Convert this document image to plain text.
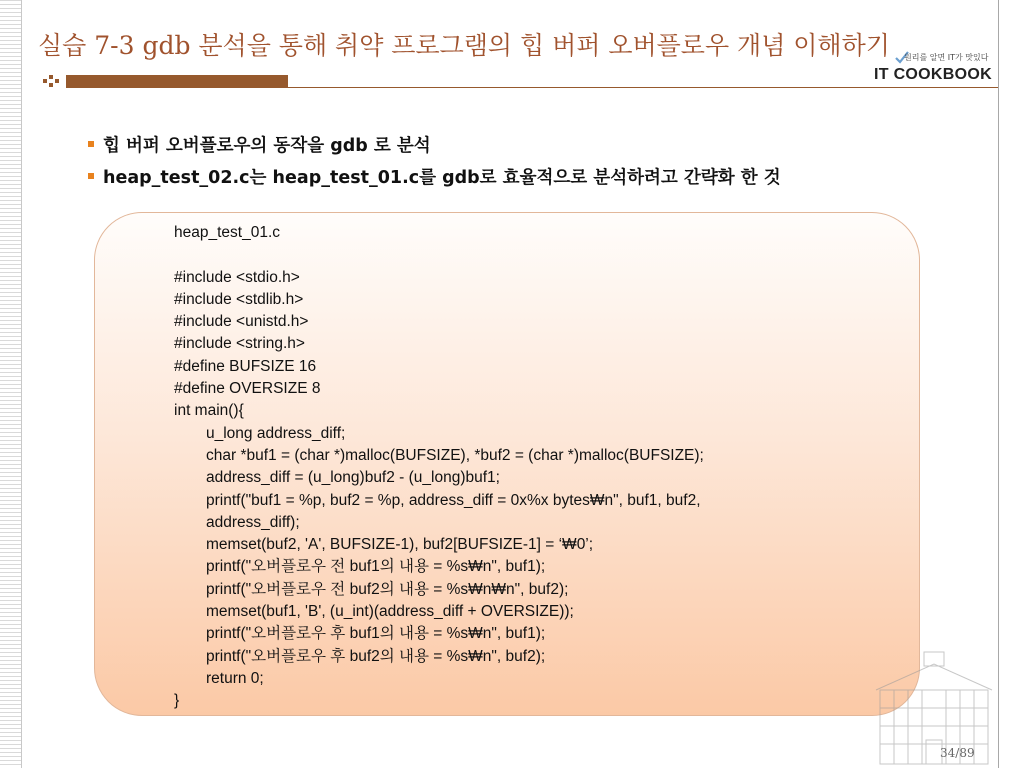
실습 7-3 gdb 분석을 통해 취약 프로그램의 힙 버퍼 오버플로우 개념 이해하기	원리를 알면 IT가 맛있다
IT COOKBOOK
힙 버퍼 오버플로우의 동작을 gdb 로 분석
heap_test_02.c는 heap_test_01.c를 gdb로 효율적으로 분석하려고 간략화 한 것
heap_test_01.c
#include <stdio.h>
#include <stdlib.h>
#include <unistd.h>
#include <string.h>
#define BUFSIZE 16
#define OVERSIZE 8
int main(){
u_long address_diff;
char *buf1 = (char *)malloc(BUFSIZE), *buf2 = (char *)malloc(BUFSIZE);
address_diff = (u_long)buf2 - (u_long)buf1;
printf("buf1 = %p, buf2 = %p, address_diff = 0x%x bytes₩n", buf1, buf2,
address_diff);
memset(buf2, 'A', BUFSIZE-1), buf2[BUFSIZE-1] = ‘₩0’;
printf("오버플로우 전 buf1의 내용 = %s₩n", buf1);
printf("오버플로우 전 buf2의 내용 = %s₩n₩n", buf2);
memset(buf1, 'B', (u_int)(address_diff + OVERSIZE));
printf("오버플로우 후 buf1의 내용 = %s₩n", buf1);
printf("오버플로우 후 buf2의 내용 = %s₩n", buf2);
return 0;
}
34/89
